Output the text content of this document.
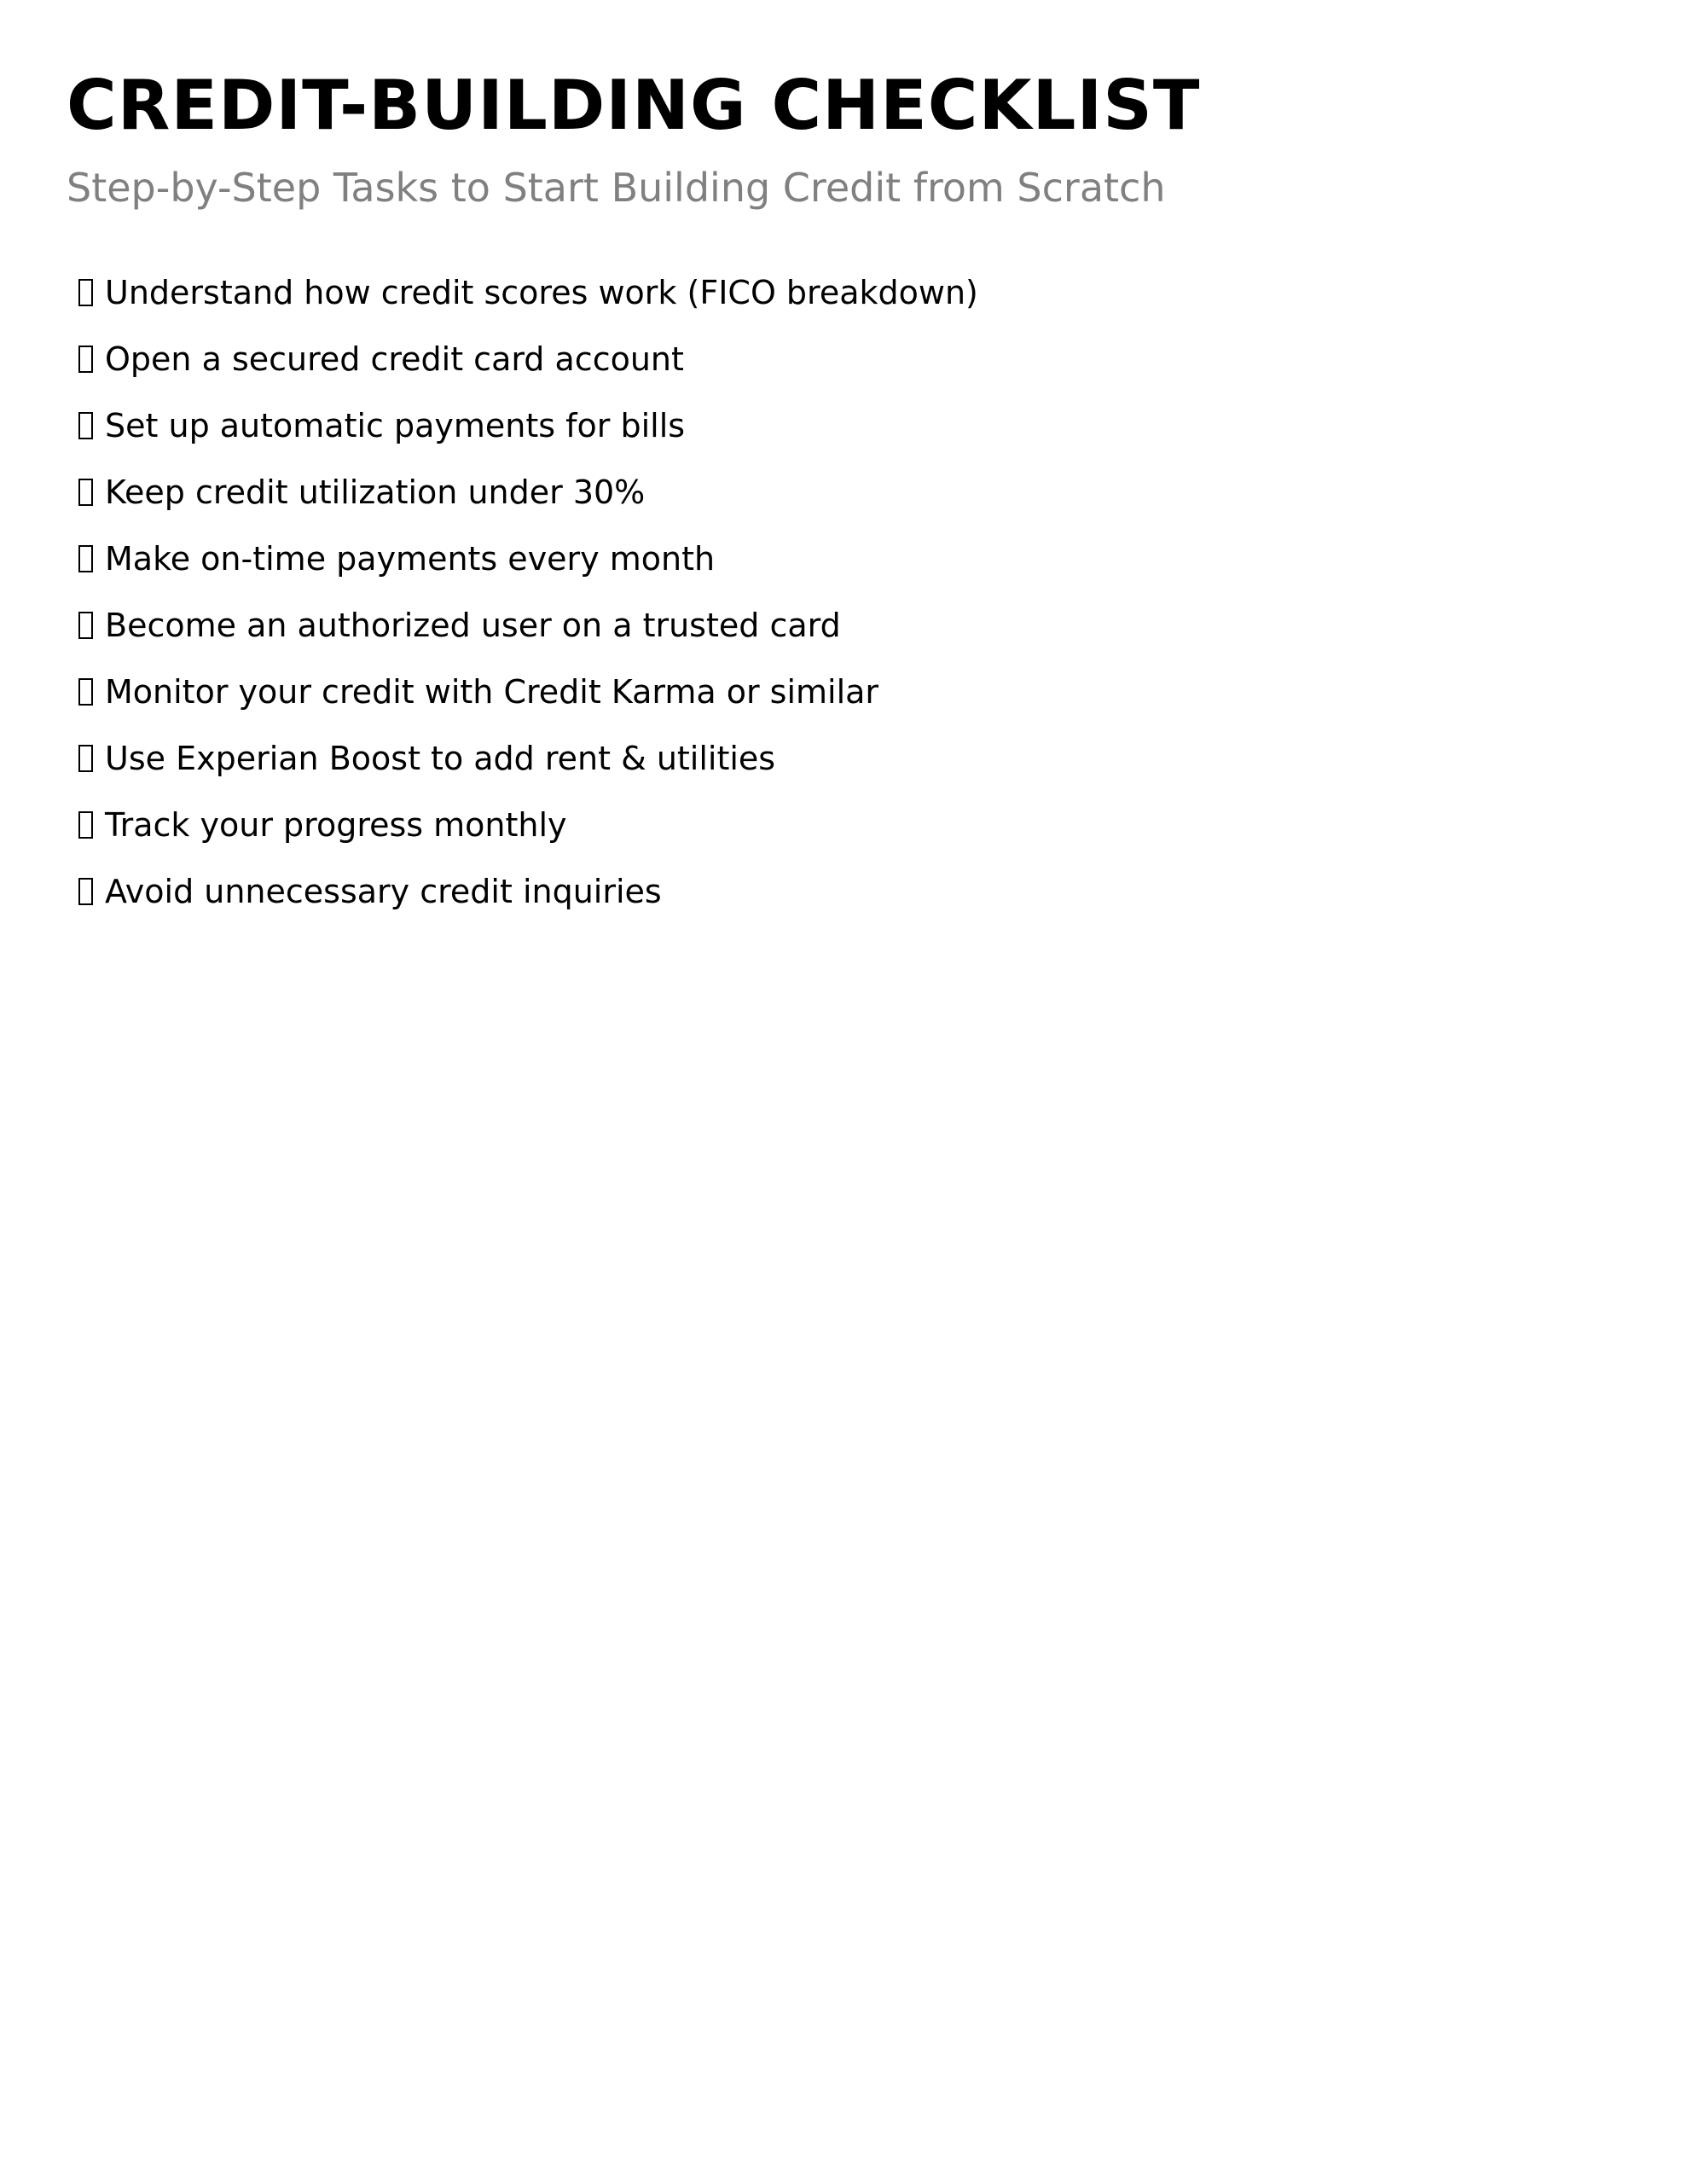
CREDIT-BUILDING CHECKLIST

Step-by-Step Tasks to Start Building Credit from Scratch

Understand how credit scores work (FICO breakdown)
Open a secured credit card account
Set up automatic payments for bills
Keep credit utilization under 30%
Make on-time payments every month
Become an authorized user on a trusted card
Monitor your credit with Credit Karma or similar
Use Experian Boost to add rent & utilities
Track your progress monthly
Avoid unnecessary credit inquiries
